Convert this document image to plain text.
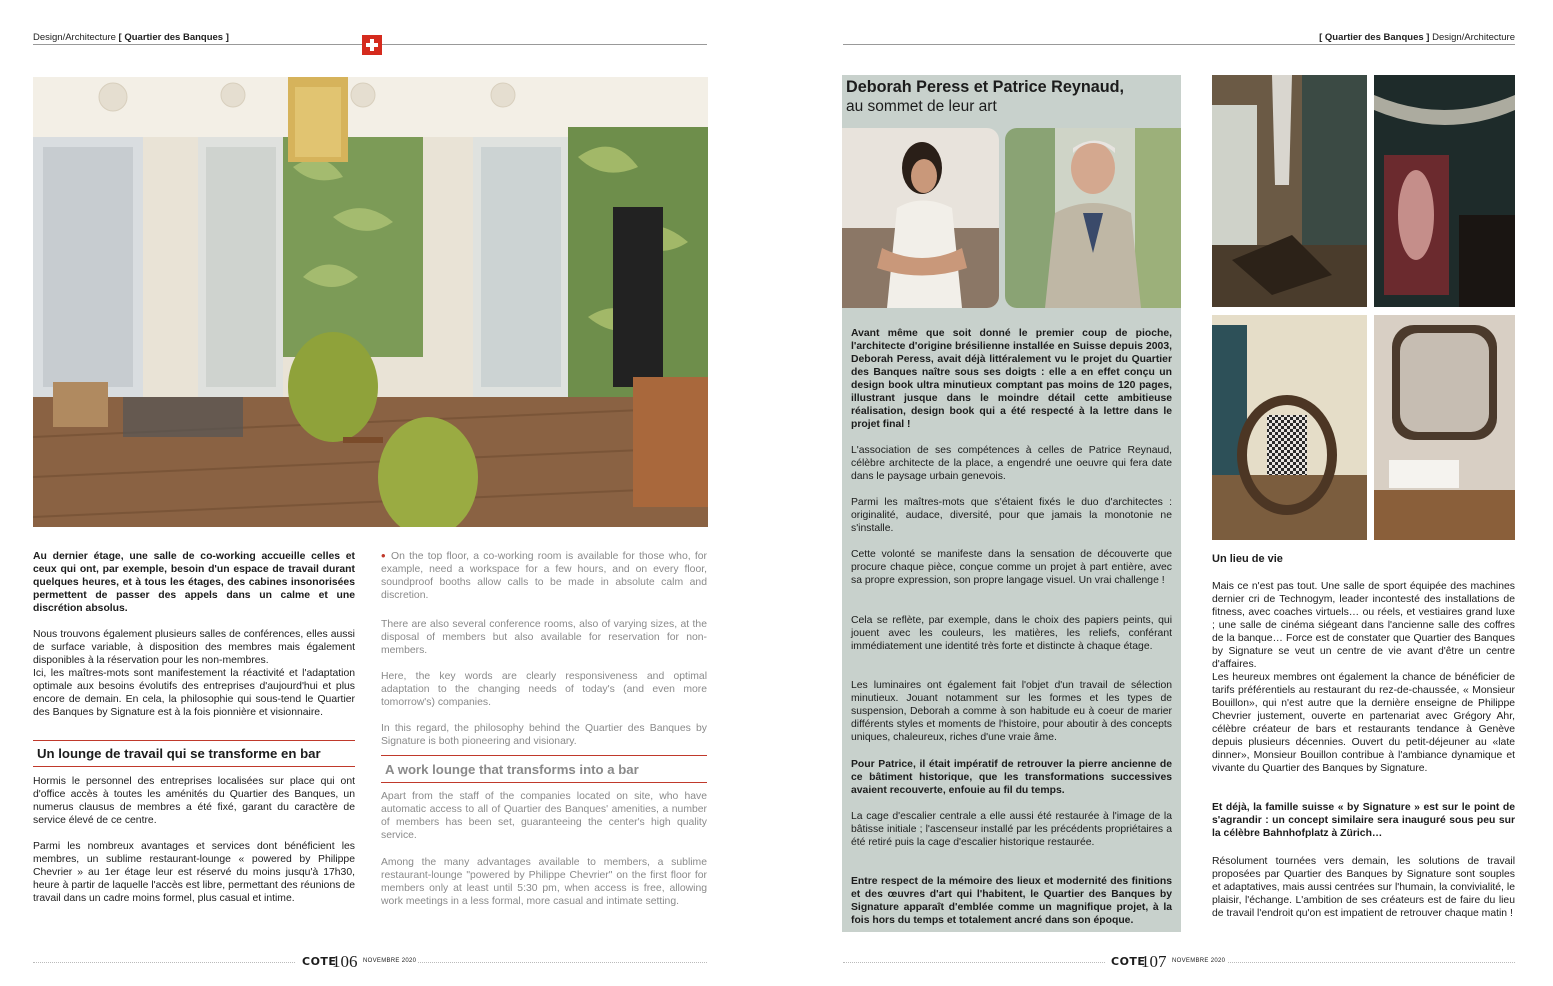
Design/Architecture [ Quartier des Banques ]

Au dernier étage, une salle de co-working accueille celles et ceux qui ont, par exemple, besoin d'un espace de travail durant quelques heures, et à tous les étages, des cabines insonorisées permettent de passer des appels dans un calme et une discrétion absolus.

Nous trouvons également plusieurs salles de conférences, elles aussi de surface variable, à disposition des membres mais également disponibles à la réservation pour les non-membres.

Ici, les maîtres-mots sont manifestement la réactivité et l'adaptation optimale aux besoins évolutifs des entreprises d'aujourd'hui et plus encore de demain. En cela, la philosophie qui sous-tend le Quartier des Banques by Signature est à la fois pionnière et visionnaire.

Un lounge de travail qui se transforme en bar

Hormis le personnel des entreprises localisées sur place qui ont d'office accès à toutes les aménités du Quartier des Banques, un numerus clausus de membres a été fixé, garant du caractère de service élevé de ce centre.

Parmi les nombreux avantages et services dont bénéficient les membres, un sublime restaurant-lounge « powered by Philippe Chevrier » au 1er étage leur est réservé du moins jusqu'à 17h30, heure à partir de laquelle l'accès est libre, permettant des réunions de travail dans un cadre moins formel, plus casual et intime.

• On the top floor, a co-working room is available for those who, for example, need a workspace for a few hours, and on every floor, soundproof booths allow calls to be made in absolute calm and discretion.

There are also several conference rooms, also of varying sizes, at the disposal of members but also available for reservation for non-members.

Here, the key words are clearly responsiveness and optimal adaptation to the changing needs of today's (and even more tomorrow's) companies.

In this regard, the philosophy behind the Quartier des Banques by Signature is both pioneering and visionary.

A work lounge that transforms into a bar

Apart from the staff of the companies located on site, who have automatic access to all of Quartier des Banques' amenities, a number of members has been set, guaranteeing the center's high quality service.

Among the many advantages available to members, a sublime restaurant-lounge "powered by Philippe Chevrier" on the first floor for members only at least until 5:30 pm, when access is free, allowing work meetings in a less formal, more casual and intimate setting.

COTE
106 NOVEMBRE 2020
[ Quartier des Banques ] Design/Architecture
Deborah Peress et Patrice Reynaud,
au sommet de leur art

Avant même que soit donné le premier coup de pioche, l'architecte d'origine brésilienne installée en Suisse depuis 2003, Deborah Peress, avait déjà littéralement vu le projet du Quartier des Banques naître sous ses doigts : elle a en effet conçu un design book ultra minutieux comptant pas moins de 120 pages, illustrant jusque dans le moindre détail cette ambitieuse réalisation, design book qui a été respecté à la lettre dans le projet final !

L'association de ses compétences à celles de Patrice Reynaud, célèbre architecte de la place, a engendré une oeuvre qui fera date dans le paysage urbain genevois.

Parmi les maîtres-mots que s'étaient fixés le duo d'architectes : originalité, audace, diversité, pour que jamais la monotonie ne s'installe.

Cette volonté se manifeste dans la sensation de découverte que procure chaque pièce, conçue comme un projet à part entière, avec sa propre expression, son propre langage visuel. Un vrai challenge !

Cela se reflète, par exemple, dans le choix des papiers peints, qui jouent avec les couleurs, les matières, les reliefs, conférant immédiatement une identité très forte et distincte à chaque étage.

Les luminaires ont également fait l'objet d'un travail de sélection minutieux. Jouant notamment sur les formes et les types de suspension, Deborah a comme à son habitude eu à coeur de marier différents styles et moments de l'histoire, pour aboutir à des concepts uniques, chaleureux, riches d'une vraie âme.

Pour Patrice, il était impératif de retrouver la pierre ancienne de ce bâtiment historique, que les transformations successives avaient recouverte, enfouie au fil du temps.

La cage d'escalier centrale a elle aussi été restaurée à l'image de la bâtisse initiale ; l'ascenseur installé par les précédents propriétaires a été retiré puis la cage d'escalier historique restaurée.

Entre respect de la mémoire des lieux et modernité des finitions et des œuvres d'art qui l'habitent, le Quartier des Banques by Signature apparaît d'emblée comme un magnifique projet, à la fois hors du temps et totalement ancré dans son époque.

Un lieu de vie

Mais ce n'est pas tout. Une salle de sport équipée des machines dernier cri de Technogym, leader incontesté des installations de fitness, avec coaches virtuels… ou réels, et vestiaires grand luxe ; une salle de cinéma siégeant dans l'ancienne salle des coffres de la banque… Force est de constater que Quartier des Banques by Signature se veut un centre de vie avant d'être un centre d'affaires.

Les heureux membres ont également la chance de bénéficier de tarifs préférentiels au restaurant du rez-de-chaussée, « Monsieur Bouillon», qui n'est autre que la dernière enseigne de Philippe Chevrier justement, ouverte en partenariat avec Grégory Ahr, célèbre créateur de bars et restaurants tendance à Genève depuis plusieurs décennies. Ouvert du petit-déjeuner au «late dinner», Monsieur Bouillon contribue à l'ambiance dynamique et vivante du Quartier des Banques by Signature.

Et déjà, la famille suisse « by Signature » est sur le point de s'agrandir : un concept similaire sera inauguré sous peu sur la célèbre Bahnhofplatz à Zürich…

Résolument tournées vers demain, les solutions de travail proposées par Quartier des Banques by Signature sont souples et adaptatives, mais aussi centrées sur l'humain, la convivialité, le plaisir, l'échange. L'ambition de ses créateurs est de faire du lieu de travail l'endroit qu'on est impatient de retrouver chaque matin !

COTE
107 NOVEMBRE 2020
